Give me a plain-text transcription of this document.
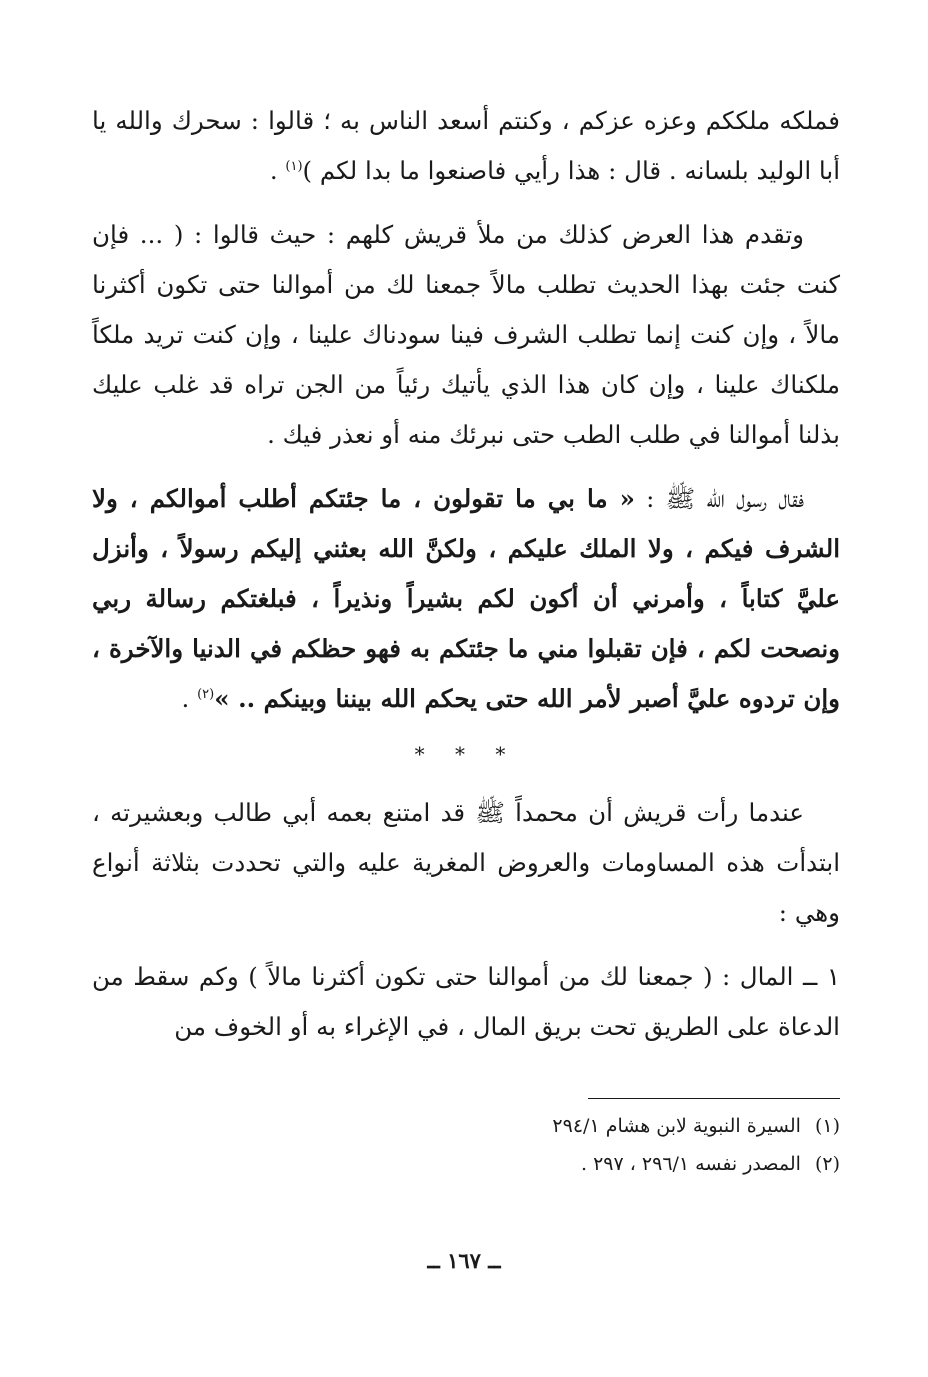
فملكه ملككم وعزه عزكم ، وكنتم أسعد الناس به ؛ قالوا : سحرك والله يا أبا الوليد بلسانه . قال : هذا رأيي فاصنعوا ما بدا لكم )$^{(١)}$ .

وتقدم هذا العرض كذلك من ملأ قريش كلهم : حيث قالوا : ( ... فإن كنت جئت بهذا الحديث تطلب مالاً جمعنا لك من أموالنا حتى تكون أكثرنا مالاً ، وإن كنت إنما تطلب الشرف فينا سودناك علينا ، وإن كنت تريد ملكاً ملكناك علينا ، وإن كان هذا الذي يأتيك رئياً من الجن تراه قد غلب عليك بذلنا أموالنا في طلب الطب حتى نبرئك منه أو نعذر فيك .

فقال رسول الله ﷺ : « ما بي ما تقولون ، ما جئتكم أطلب أموالكم ، ولا الشرف فيكم ، ولا الملك عليكم ، ولكنَّ الله بعثني إليكم رسولاً ، وأنزل عليَّ كتاباً ، وأمرني أن أكون لكم بشيراً ونذيراً ، فبلغتكم رسالة ربي ونصحت لكم ، فإن تقبلوا مني ما جئتكم به فهو حظكم في الدنيا والآخرة ، وإن تردوه عليَّ أصبر لأمر الله حتى يحكم الله بيننا وبينكم .. »$^{(٢)}$ .

* * *

عندما رأت قريش أن محمداً ﷺ قد امتنع بعمه أبي طالب وبعشيرته ، ابتدأت هذه المساومات والعروض المغرية عليه والتي تحددت بثلاثة أنواع وهي :

١ ــ المال : ( جمعنا لك من أموالنا حتى تكون أكثرنا مالاً ) وكم سقط من الدعاة على الطريق تحت بريق المال ، في الإغراء به أو الخوف من

(١)السيرة النبوية لابن هشام ٢٩٤/١
(٢)المصدر نفسه ٢٩٦/١ ، ٢٩٧ .
ــ ١٦٧ ــ
